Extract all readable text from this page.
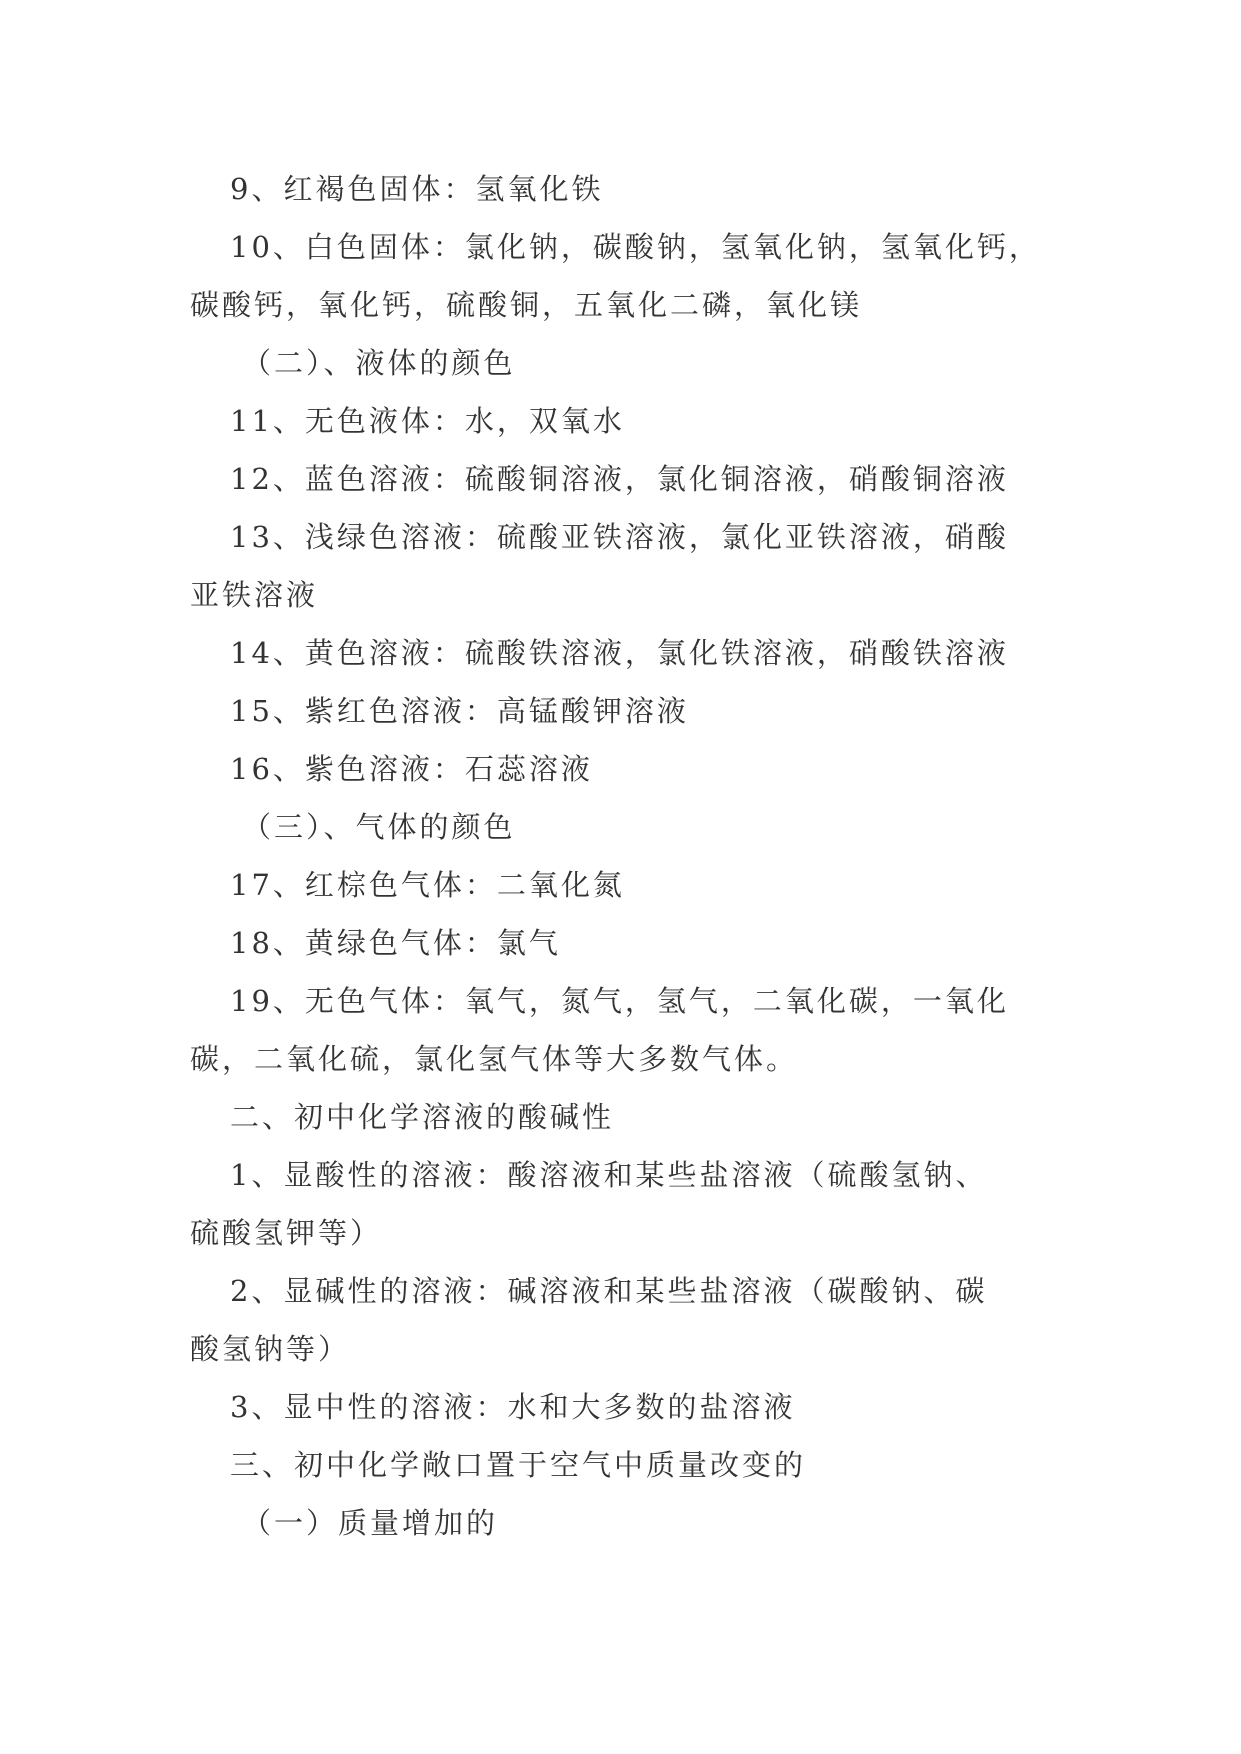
9、红褐色固体：氢氧化铁

10、白色固体：氯化钠，碳酸钠，氢氧化钠，氢氧化钙，

碳酸钙，氧化钙，硫酸铜，五氧化二磷，氧化镁

（二）、液体的颜色

11、无色液体：水，双氧水

12、蓝色溶液：硫酸铜溶液，氯化铜溶液，硝酸铜溶液

13、浅绿色溶液：硫酸亚铁溶液，氯化亚铁溶液，硝酸

亚铁溶液

14、黄色溶液：硫酸铁溶液，氯化铁溶液，硝酸铁溶液

15、紫红色溶液：高锰酸钾溶液

16、紫色溶液：石蕊溶液

（三）、气体的颜色

17、红棕色气体：二氧化氮

18、黄绿色气体：氯气

19、无色气体：氧气，氮气，氢气，二氧化碳，一氧化

碳，二氧化硫，氯化氢气体等大多数气体。

二、初中化学溶液的酸碱性

1、显酸性的溶液：酸溶液和某些盐溶液（硫酸氢钠、

硫酸氢钾等）

2、显碱性的溶液：碱溶液和某些盐溶液（碳酸钠、碳

酸氢钠等）

3、显中性的溶液：水和大多数的盐溶液

三、初中化学敞口置于空气中质量改变的

（一）质量增加的
